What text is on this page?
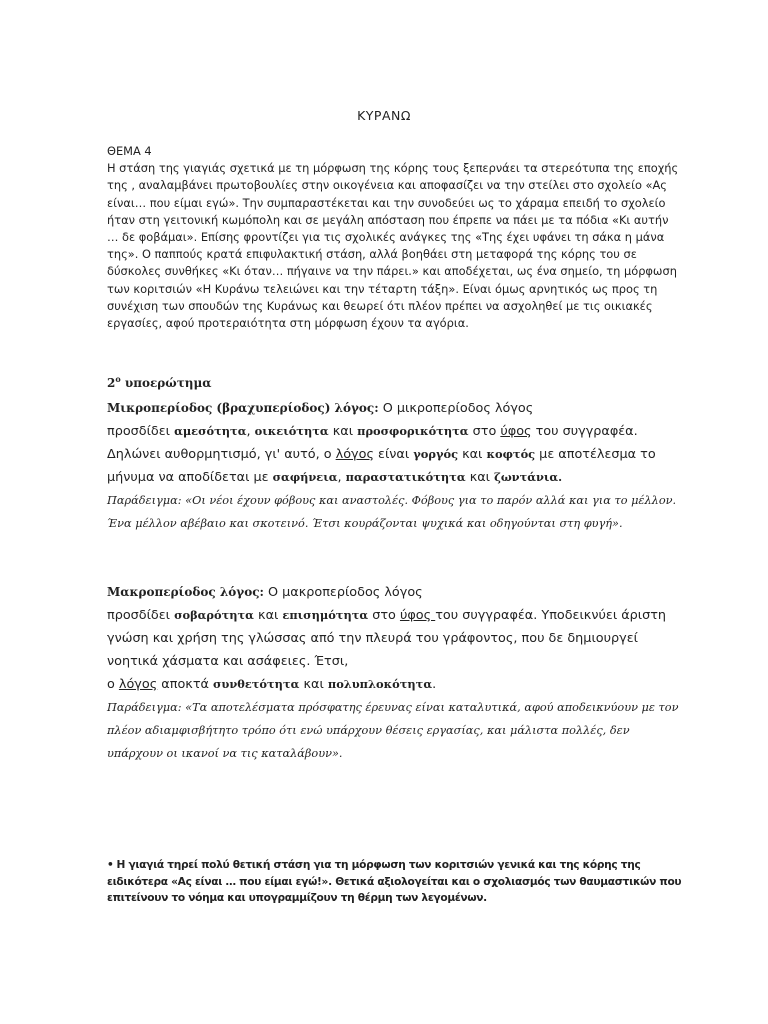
ΚΥΡΑΝΩ

ΘΕΜΑ 4

Η στάση της γιαγιάς σχετικά με τη μόρφωση της κόρης τους ξεπερνάει τα στερεότυπα της εποχής της , αναλαμβάνει πρωτοβουλίες στην οικογένεια και αποφασίζει να την στείλει στο σχολείο «Ας είναι… που είμαι εγώ». Την συμπαραστέκεται και την συνοδεύει ως το χάραμα επειδή το σχολείο ήταν στη γειτονική κωμόπολη και σε μεγάλη απόσταση που έπρεπε να πάει με τα πόδια «Κι αυτήν … δε φοβάμαι». Επίσης φροντίζει για τις σχολικές ανάγκες της «Της έχει υφάνει τη σάκα η μάνα της». Ο παππούς κρατά επιφυλακτική στάση, αλλά βοηθάει στη μεταφορά της κόρης του σε δύσκολες συνθήκες «Κι όταν… πήγαινε να την πάρει.» και αποδέχεται, ως ένα σημείο, τη μόρφωση των κοριτσιών «Η Κυράνω τελειώνει και την τέταρτη τάξη». Είναι όμως αρνητικός ως προς τη συνέχιση των σπουδών της Κυράνως και θεωρεί ότι πλέον πρέπει να ασχοληθεί με τις οικιακές εργασίες, αφού προτεραιότητα στη μόρφωση έχουν τα αγόρια.

$2^o$ υποερώτημα

Μικροπερίοδος (βραχυπερίοδος) λόγος: Ο μικροπερίοδος λόγος

προσδίδει αμεσότητα, οικειότητα και προσφορικότητα στο ύφος του συγγραφέα.

Δηλώνει αυθορμητισμό, γι' αυτό, ο λόγος είναι γοργός και κοφτός με αποτέλεσμα το

μήνυμα να αποδίδεται με σαφήνεια, παραστατικότητα και ζωντάνια.

Παράδειγμα: «Οι νέοι έχουν φόβους και αναστολές. Φόβους για το παρόν αλλά και για το μέλλον. Ένα μέλλον αβέβαιο και σκοτεινό. Έτσι κουράζονται ψυχικά και οδηγούνται στη φυγή».

Μακροπερίοδος λόγος: Ο μακροπερίοδος λόγος

προσδίδει σοβαρότητα και επισημότητα στο ύφος του συγγραφέα. Υποδεικνύει άριστη γνώση και χρήση της γλώσσας από την πλευρά του γράφοντος, που δε δημιουργεί νοητικά χάσματα και ασάφειες. Έτσι,

ο λόγος αποκτά συνθετότητα και πολυπλοκότητα.

Παράδειγμα: «Τα αποτελέσματα πρόσφατης έρευνας είναι καταλυτικά, αφού αποδεικνύουν με τον πλέον αδιαμφισβήτητο τρόπο ότι ενώ υπάρχουν θέσεις εργασίας, και μάλιστα πολλές, δεν υπάρχουν οι ικανοί να τις καταλάβουν».

• Η γιαγιά τηρεί πολύ θετική στάση για τη μόρφωση των κοριτσιών γενικά και της κόρης της ειδικότερα «Ας είναι … που είμαι εγώ!». Θετικά αξιολογείται και ο σχολιασμός των θαυμαστικών που επιτείνουν το νόημα και υπογραμμίζουν τη θέρμη των λεγομένων.
